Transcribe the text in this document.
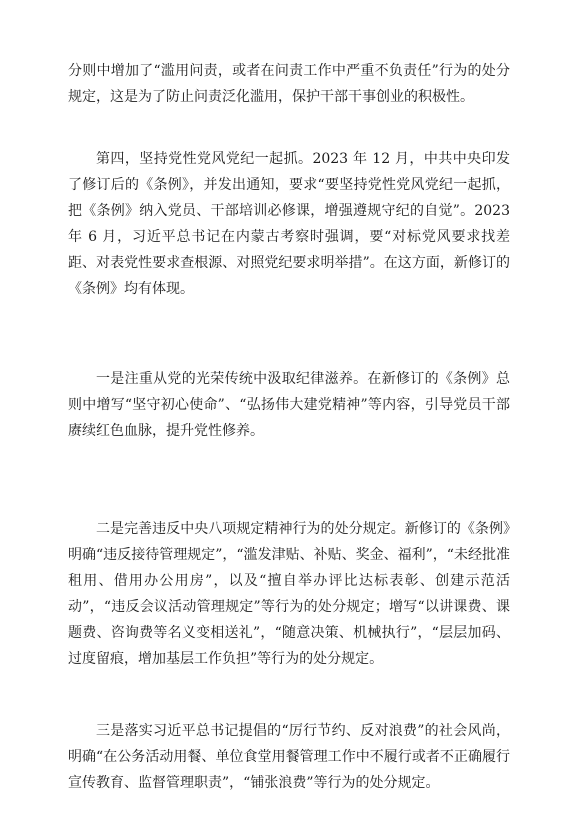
分则中增加了“滥用问责，或者在问责工作中严重不负责任”行为的处分规定，这是为了防止问责泛化滥用，保护干部干事创业的积极性。

第四，坚持党性党风党纪一起抓。2023 年 12 月，中共中央印发了修订后的《条例》，并发出通知，要求“要坚持党性党风党纪一起抓，把《条例》纳入党员、干部培训必修课，增强遵规守纪的自觉”。2023 年 6 月，习近平总书记在内蒙古考察时强调，要“对标党风要求找差距、对表党性要求查根源、对照党纪要求明举措”。在这方面，新修订的《条例》均有体现。

一是注重从党的光荣传统中汲取纪律滋养。在新修订的《条例》总则中增写“坚守初心使命”、“弘扬伟大建党精神”等内容，引导党员干部赓续红色血脉，提升党性修养。

二是完善违反中央八项规定精神行为的处分规定。新修订的《条例》明确“违反接待管理规定”，“滥发津贴、补贴、奖金、福利”，“未经批准租用、借用办公用房”，以及“擅自举办评比达标表彰、创建示范活动”，“违反会议活动管理规定”等行为的处分规定；增写“以讲课费、课题费、咨询费等名义变相送礼”，“随意决策、机械执行”，“层层加码、过度留痕，增加基层工作负担”等行为的处分规定。

三是落实习近平总书记提倡的“厉行节约、反对浪费”的社会风尚，明确“在公务活动用餐、单位食堂用餐管理工作中不履行或者不正确履行宣传教育、监督管理职责”，“铺张浪费”等行为的处分规定。
